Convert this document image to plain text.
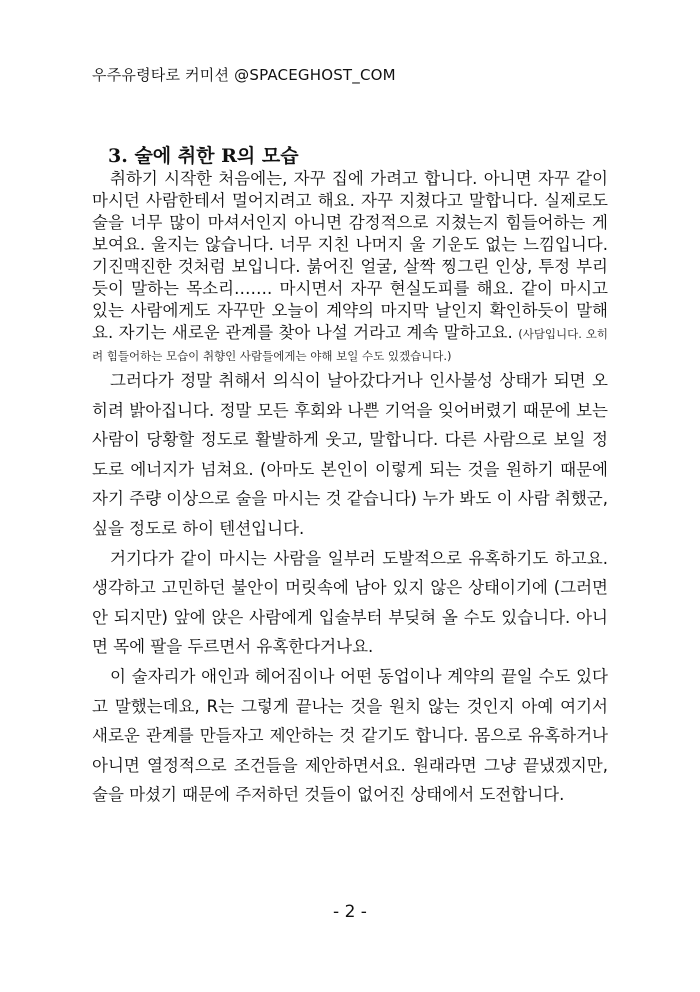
우주유령타로 커미션 @SPACEGHOST_COM
3. 술에 취한 R의 모습

취하기 시작한 처음에는, 자꾸 집에 가려고 합니다. 아니면 자꾸 같이 마시던 사람한테서 멀어지려고 해요. 자꾸 지쳤다고 말합니다. 실제로도 술을 너무 많이 마셔서인지 아니면 감정적으로 지쳤는지 힘들어하는 게 보여요. 울지는 않습니다. 너무 지친 나머지 울 기운도 없는 느낌입니다. 기진맥진한 것처럼 보입니다. 붉어진 얼굴, 살짝 찡그린 인상, 투정 부리듯이 말하는 목소리……. 마시면서 자꾸 현실도피를 해요. 같이 마시고 있는 사람에게도 자꾸만 오늘이 계약의 마지막 날인지 확인하듯이 말해요. 자기는 새로운 관계를 찾아 나설 거라고 계속 말하고요. (사담입니다. 오히려 힘들어하는 모습이 취향인 사람들에게는 야해 보일 수도 있겠습니다.)

그러다가 정말 취해서 의식이 날아갔다거나 인사불성 상태가 되면 오히려 밝아집니다. 정말 모든 후회와 나쁜 기억을 잊어버렸기 때문에 보는 사람이 당황할 정도로 활발하게 웃고, 말합니다. 다른 사람으로 보일 정도로 에너지가 넘쳐요. (아마도 본인이 이렇게 되는 것을 원하기 때문에 자기 주량 이상으로 술을 마시는 것 같습니다) 누가 봐도 이 사람 취했군, 싶을 정도로 하이 텐션입니다.

거기다가 같이 마시는 사람을 일부러 도발적으로 유혹하기도 하고요. 생각하고 고민하던 불안이 머릿속에 남아 있지 않은 상태이기에 (그러면 안 되지만) 앞에 앉은 사람에게 입술부터 부딪혀 올 수도 있습니다. 아니면 목에 팔을 두르면서 유혹한다거나요.

이 술자리가 애인과 헤어짐이나 어떤 동업이나 계약의 끝일 수도 있다고 말했는데요, R는 그렇게 끝나는 것을 원치 않는 것인지 아예 여기서 새로운 관계를 만들자고 제안하는 것 같기도 합니다. 몸으로 유혹하거나 아니면 열정적으로 조건들을 제안하면서요. 원래라면 그냥 끝냈겠지만, 술을 마셨기 때문에 주저하던 것들이 없어진 상태에서 도전합니다.

- 2 -
